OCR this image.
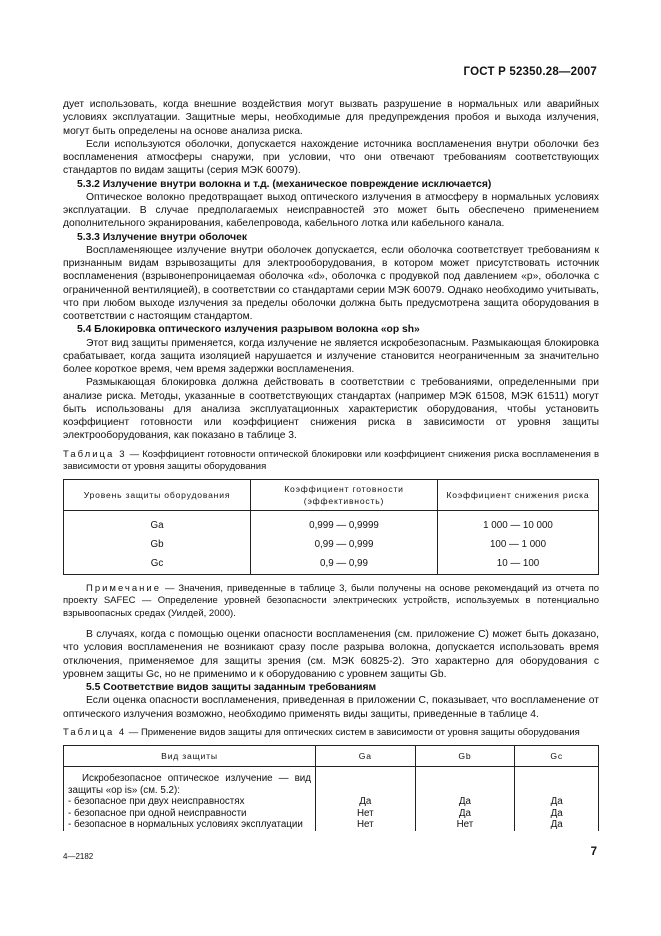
ГОСТ Р 52350.28—2007

дует использовать, когда внешние воздействия могут вызвать разрушение в нормальных или аварийных условиях эксплуатации. Защитные меры, необходимые для предупреждения пробоя и выхода излучения, могут быть определены на основе анализа риска.

Если используются оболочки, допускается нахождение источника воспламенения внутри оболочки без воспламенения атмосферы снаружи, при условии, что они отвечают требованиям соответствующих стандартов по видам защиты (серия МЭК 60079).

5.3.2 Излучение внутри волокна и т.д. (механическое повреждение исключается)

Оптическое волокно предотвращает выход оптического излучения в атмосферу в нормальных условиях эксплуатации. В случае предполагаемых неисправностей это может быть обеспечено применением дополнительного экранирования, кабелепровода, кабельного лотка или кабельного канала.

5.3.3 Излучение внутри оболочек

Воспламеняющее излучение внутри оболочек допускается, если оболочка соответствует требованиям к признанным видам взрывозащиты для электрооборудования, в котором может присутствовать источник воспламенения (взрывонепроницаемая оболочка «d», оболочка с продувкой под давлением «р», оболочка с ограниченной вентиляцией), в соответствии со стандартами серии МЭК 60079. Однако необходимо учитывать, что при любом выходе излучения за пределы оболочки должна быть предусмотрена защита оборудования в соответствии с настоящим стандартом.

5.4 Блокировка оптического излучения разрывом волокна «op sh»

Этот вид защиты применяется, когда излучение не является искробезопасным. Размыкающая блокировка срабатывает, когда защита изоляцией нарушается и излучение становится неограниченным за значительно более короткое время, чем время задержки воспламенения.

Размыкающая блокировка должна действовать в соответствии с требованиями, определенными при анализе риска. Методы, указанные в соответствующих стандартах (например МЭК 61508, МЭК 61511) могут быть использованы для анализа эксплуатационных характеристик оборудования, чтобы установить коэффициент готовности или коэффициент снижения риска в зависимости от уровня защиты электрооборудования, как показано в таблице 3.

Таблица 3 — Коэффициент готовности оптической блокировки или коэффициент снижения риска воспламенения в зависимости от уровня защиты оборудования

Уровень защиты оборудования	Коэффициент готовности (эффективность)	Коэффициент снижения риска

Ga	0,999 — 0,9999	1 000 — 10 000
Gb	0,99 — 0,999	100 — 1 000
Gc	0,9 — 0,99	10 — 100

Примечание — Значения, приведенные в таблице 3, были получены на основе рекомендаций из отчета по проекту SAFEC — Определение уровней безопасности электрических устройств, используемых в потенциально взрывоопасных средах (Уилдей, 2000).

В случаях, когда с помощью оценки опасности воспламенения (см. приложение С) может быть доказано, что условия воспламенения не возникают сразу после разрыва волокна, допускается использовать время отключения, применяемое для защиты зрения (см. МЭК 60825-2). Это характерно для оборудования с уровнем защиты Gc, но не применимо и к оборудованию с уровнем защиты Gb.

5.5 Соответствие видов защиты заданным требованиям

Если оценка опасности воспламенения, приведенная в приложении С, показывает, что воспламенение от оптического излучения возможно, необходимо применять виды защиты, приведенные в таблице 4.

Таблица 4 — Применение видов защиты для оптических систем в зависимости от уровня защиты оборудования

Вид защиты	Ga	Gb	Gc

Искробезопасное оптическое излучение — вид защиты «op is» (см. 5.2):			
- безопасное при двух неисправностях	Да	Да	Да
- безопасное при одной неисправности	Нет	Да	Да
- безопасное в нормальных условиях эксплуатации	Нет	Нет	Да
4—2182	7
